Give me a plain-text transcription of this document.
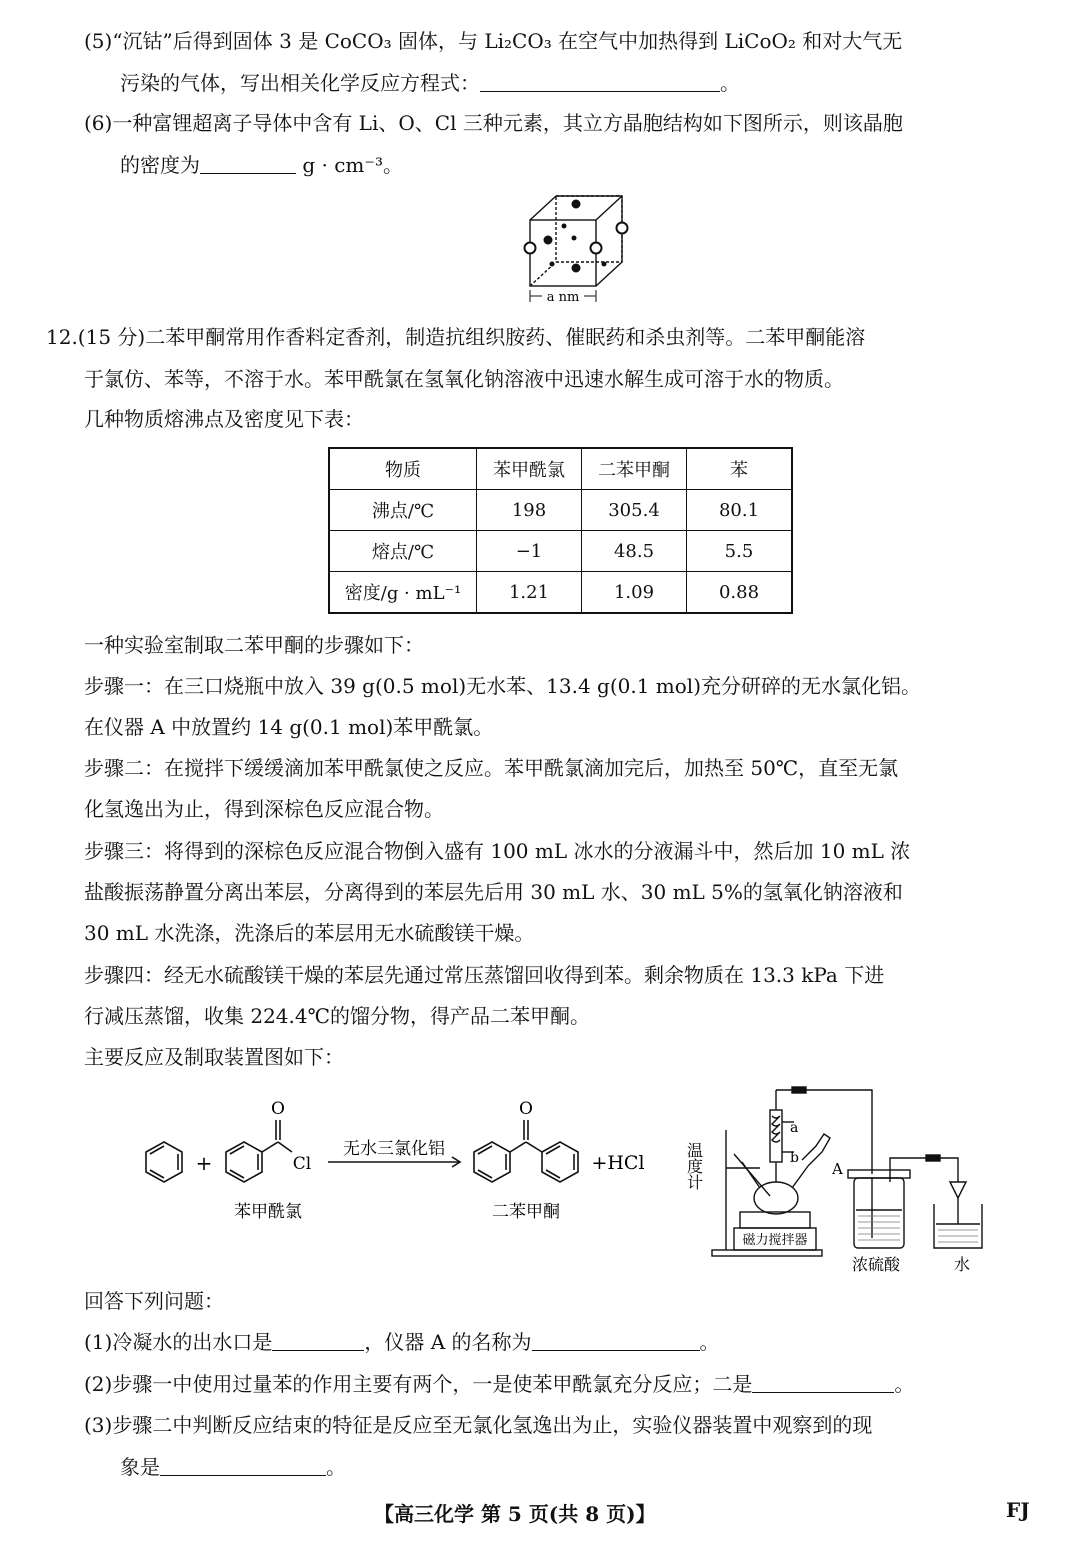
(5)“沉钴”后得到固体 3 是 CoCO₃ 固体，与 Li₂CO₃ 在空气中加热得到 LiCoO₂ 和对大气无
污染的气体，写出相关化学反应方程式：	。
(6)一种富锂超离子导体中含有 Li、O、Cl 三种元素，其立方晶胞结构如下图所示，则该晶胞
的密度为	g · cm⁻³。
a nm
12.(15 分)二苯甲酮常用作香料定香剂，制造抗组织胺药、催眠药和杀虫剂等。二苯甲酮能溶
于氯仿、苯等，不溶于水。苯甲酰氯在氢氧化钠溶液中迅速水解生成可溶于水的物质。
几种物质熔沸点及密度见下表：
物质	苯甲酰氯	二苯甲酮	苯
沸点/℃	198	305.4	80.1
熔点/℃	−1	48.5	5.5
密度/g · mL⁻¹	1.21	1.09	0.88
一种实验室制取二苯甲酮的步骤如下：
步骤一：在三口烧瓶中放入 39 g(0.5 mol)无水苯、13.4 g(0.1 mol)充分研碎的无水氯化铝。
在仪器 A 中放置约 14 g(0.1 mol)苯甲酰氯。
步骤二：在搅拌下缓缓滴加苯甲酰氯使之反应。苯甲酰氯滴加完后，加热至 50℃，直至无氯
化氢逸出为止，得到深棕色反应混合物。
步骤三：将得到的深棕色反应混合物倒入盛有 100 mL 冰水的分液漏斗中，然后加 10 mL 浓
盐酸振荡静置分离出苯层，分离得到的苯层先后用 30 mL 水、30 mL 5%的氢氧化钠溶液和
30 mL 水洗涤，洗涤后的苯层用无水硫酸镁干燥。
步骤四：经无水硫酸镁干燥的苯层先通过常压蒸馏回收得到苯。剩余物质在 13.3 kPa 下进
行减压蒸馏，收集 224.4℃的馏分物，得产品二苯甲酮。
主要反应及制取装置图如下：
+
O
Cl
O
无水三氯化铝
+HCl
苯甲酰氯	二苯甲酮
温度计
a
b
A
磁力搅拌器
浓硫酸	水
回答下列问题：
(1)冷凝水的出水口是	，仪器 A 的名称为	。
(2)步骤一中使用过量苯的作用主要有两个，一是使苯甲酰氯充分反应；二是	。
(3)步骤二中判断反应结束的特征是反应至无氯化氢逸出为止，实验仪器装置中观察到的现
象是	。
【高三化学 第 5 页(共 8 页)】	FJ
